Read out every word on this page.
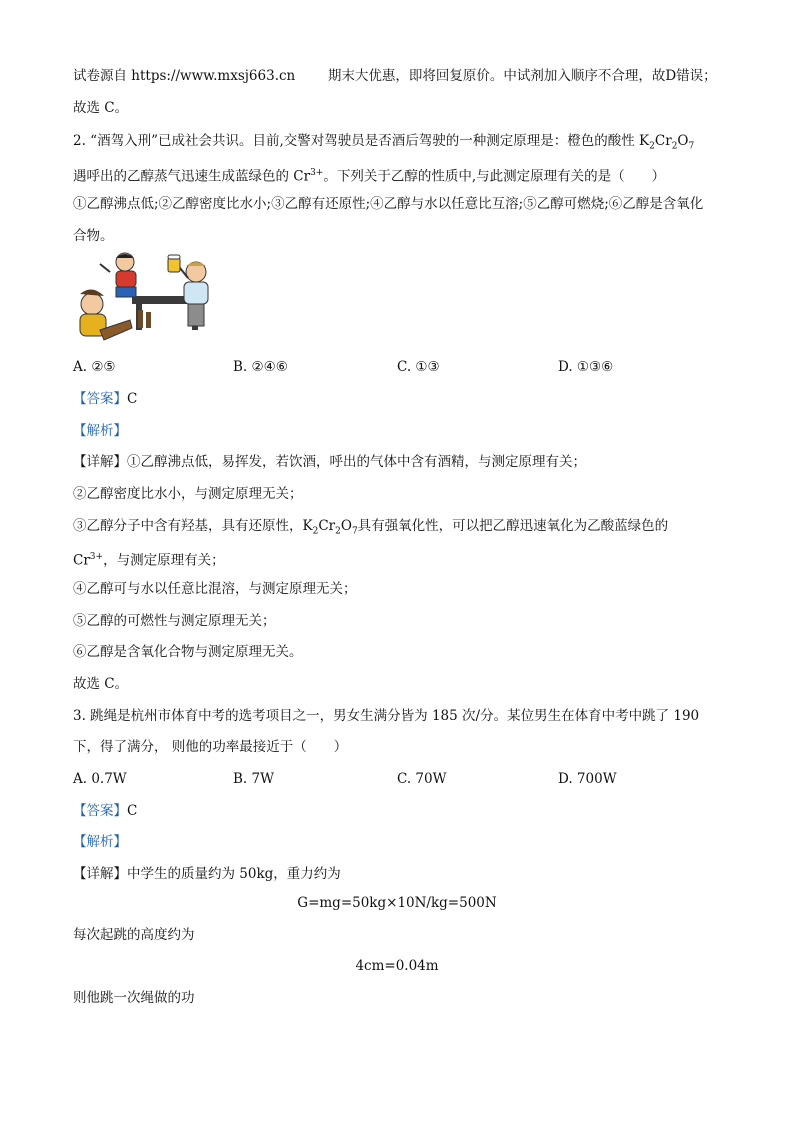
试卷源自 https://www.mxsj663.cn 期末大优惠，即将回复原价。中试剂加入顺序不合理，故D错误；
故选 C。
2. “酒驾入刑”已成社会共识。目前,交警对驾驶员是否酒后驾驶的一种测定原理是：橙色的酸性 $K_2Cr_2O_7$
遇呼出的乙醇蒸气迅速生成蓝绿色的 $Cr^{3+}$。下列关于乙醇的性质中,与此测定原理有关的是（　　）
①乙醇沸点低;②乙醇密度比水小;③乙醇有还原性;④乙醇与水以任意比互溶;⑤乙醇可燃烧;⑥乙醇是含氧化
合物。
A. ②⑤	B. ②④⑥	C. ①③	D. ①③⑥
【答案】C
【解析】
【详解】①乙醇沸点低，易挥发，若饮酒，呼出的气体中含有酒精，与测定原理有关；
②乙醇密度比水小，与测定原理无关；
③乙醇分子中含有羟基，具有还原性，$K_2Cr_2O_7$具有强氧化性，可以把乙醇迅速氧化为乙酸蓝绿色的
$Cr^{3+}$，与测定原理有关；
④乙醇可与水以任意比混溶，与测定原理无关；
⑤乙醇的可燃性与测定原理无关；
⑥乙醇是含氧化合物与测定原理无关。
故选 C。
3. 跳绳是杭州市体育中考的选考项目之一，男女生满分皆为 185 次/分。某位男生在体育中考中跳了 190
下，得了满分， 则他的功率最接近于（　　）
A. 0.7W	B. 7W	C. 70W	D. 700W
【答案】C
【解析】
【详解】中学生的质量约为 50kg，重力约为
G=mg=50kg×10N/kg=500N
每次起跳的高度约为
4cm=0.04m
则他跳一次绳做的功
